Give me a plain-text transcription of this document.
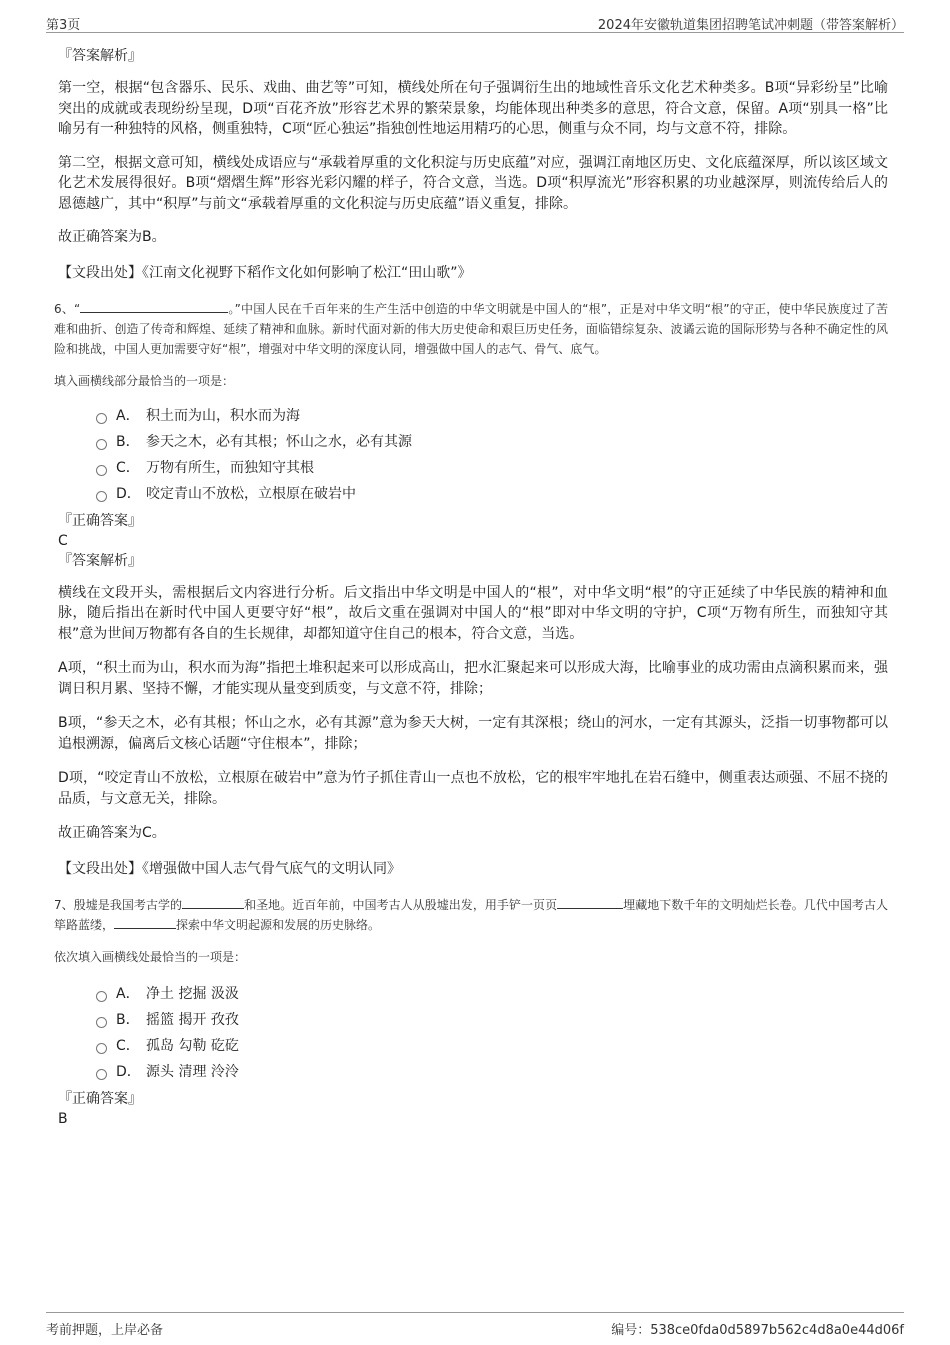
第3页	2024年安徽轨道集团招聘笔试冲刺题（带答案解析）

『答案解析』

第一空，根据“包含器乐、民乐、戏曲、曲艺等”可知，横线处所在句子强调衍生出的地域性音乐文化艺术种类多。B项“异彩纷呈”比喻突出的成就或表现纷纷呈现，D项“百花齐放”形容艺术界的繁荣景象，均能体现出种类多的意思，符合文意，保留。A项“别具一格”比喻另有一种独特的风格，侧重独特，C项“匠心独运”指独创性地运用精巧的心思，侧重与众不同，均与文意不符，排除。

第二空，根据文意可知，横线处成语应与“承载着厚重的文化积淀与历史底蕴”对应，强调江南地区历史、文化底蕴深厚，所以该区域文化艺术发展得很好。B项“熠熠生辉”形容光彩闪耀的样子，符合文意，当选。D项“积厚流光”形容积累的功业越深厚，则流传给后人的恩德越广，其中“积厚”与前文“承载着厚重的文化积淀与历史底蕴”语义重复，排除。

故正确答案为B。

【文段出处】《江南文化视野下稻作文化如何影响了松江“田山歌”》

6、“	。”中国人民在千百年来的生产生活中创造的中华文明就是中国人的“根”，正是对中华文明“根”的守正，使中华民族度过了苦难和曲折、创造了传奇和辉煌、延续了精神和血脉。新时代面对新的伟大历史使命和艰巨历史任务，面临错综复杂、波谲云诡的国际形势与各种不确定性的风险和挑战，中国人更加需要守好“根”，增强对中华文明的深度认同，增强做中国人的志气、骨气、底气。

填入画横线部分最恰当的一项是：

A． 积土而为山，积水而为海
B． 参天之木，必有其根；怀山之水，必有其源
C． 万物有所生，而独知守其根
D． 咬定青山不放松，立根原在破岩中

『正确答案』

C

『答案解析』

横线在文段开头，需根据后文内容进行分析。后文指出中华文明是中国人的“根”，对中华文明“根”的守正延续了中华民族的精神和血脉，随后指出在新时代中国人更要守好“根”，故后文重在强调对中国人的“根”即对中华文明的守护，C项“万物有所生，而独知守其根”意为世间万物都有各自的生长规律，却都知道守住自己的根本，符合文意，当选。

A项，“积土而为山，积水而为海”指把土堆积起来可以形成高山，把水汇聚起来可以形成大海，比喻事业的成功需由点滴积累而来，强调日积月累、坚持不懈，才能实现从量变到质变，与文意不符，排除；

B项，“参天之木，必有其根；怀山之水，必有其源”意为参天大树，一定有其深根；绕山的河水，一定有其源头，泛指一切事物都可以追根溯源，偏离后文核心话题“守住根本”，排除；

D项，“咬定青山不放松，立根原在破岩中”意为竹子抓住青山一点也不放松，它的根牢牢地扎在岩石缝中，侧重表达顽强、不屈不挠的品质，与文意无关，排除。

故正确答案为C。

【文段出处】《增强做中国人志气骨气底气的文明认同》

7、殷墟是我国考古学的	和圣地。近百年前，中国考古人从殷墟出发，用手铲一页页	埋藏地下数千年的文明灿烂长卷。几代中国考古人筚路蓝缕，	探索中华文明起源和发展的历史脉络。

依次填入画横线处最恰当的一项是：

A． 净土 挖掘 汲汲
B． 摇篮 揭开 孜孜
C． 孤岛 勾勒 矻矻
D． 源头 清理 泠泠

『正确答案』

B

考前押题，上岸必备	编号：538ce0fda0d5897b562c4d8a0e44d06f
